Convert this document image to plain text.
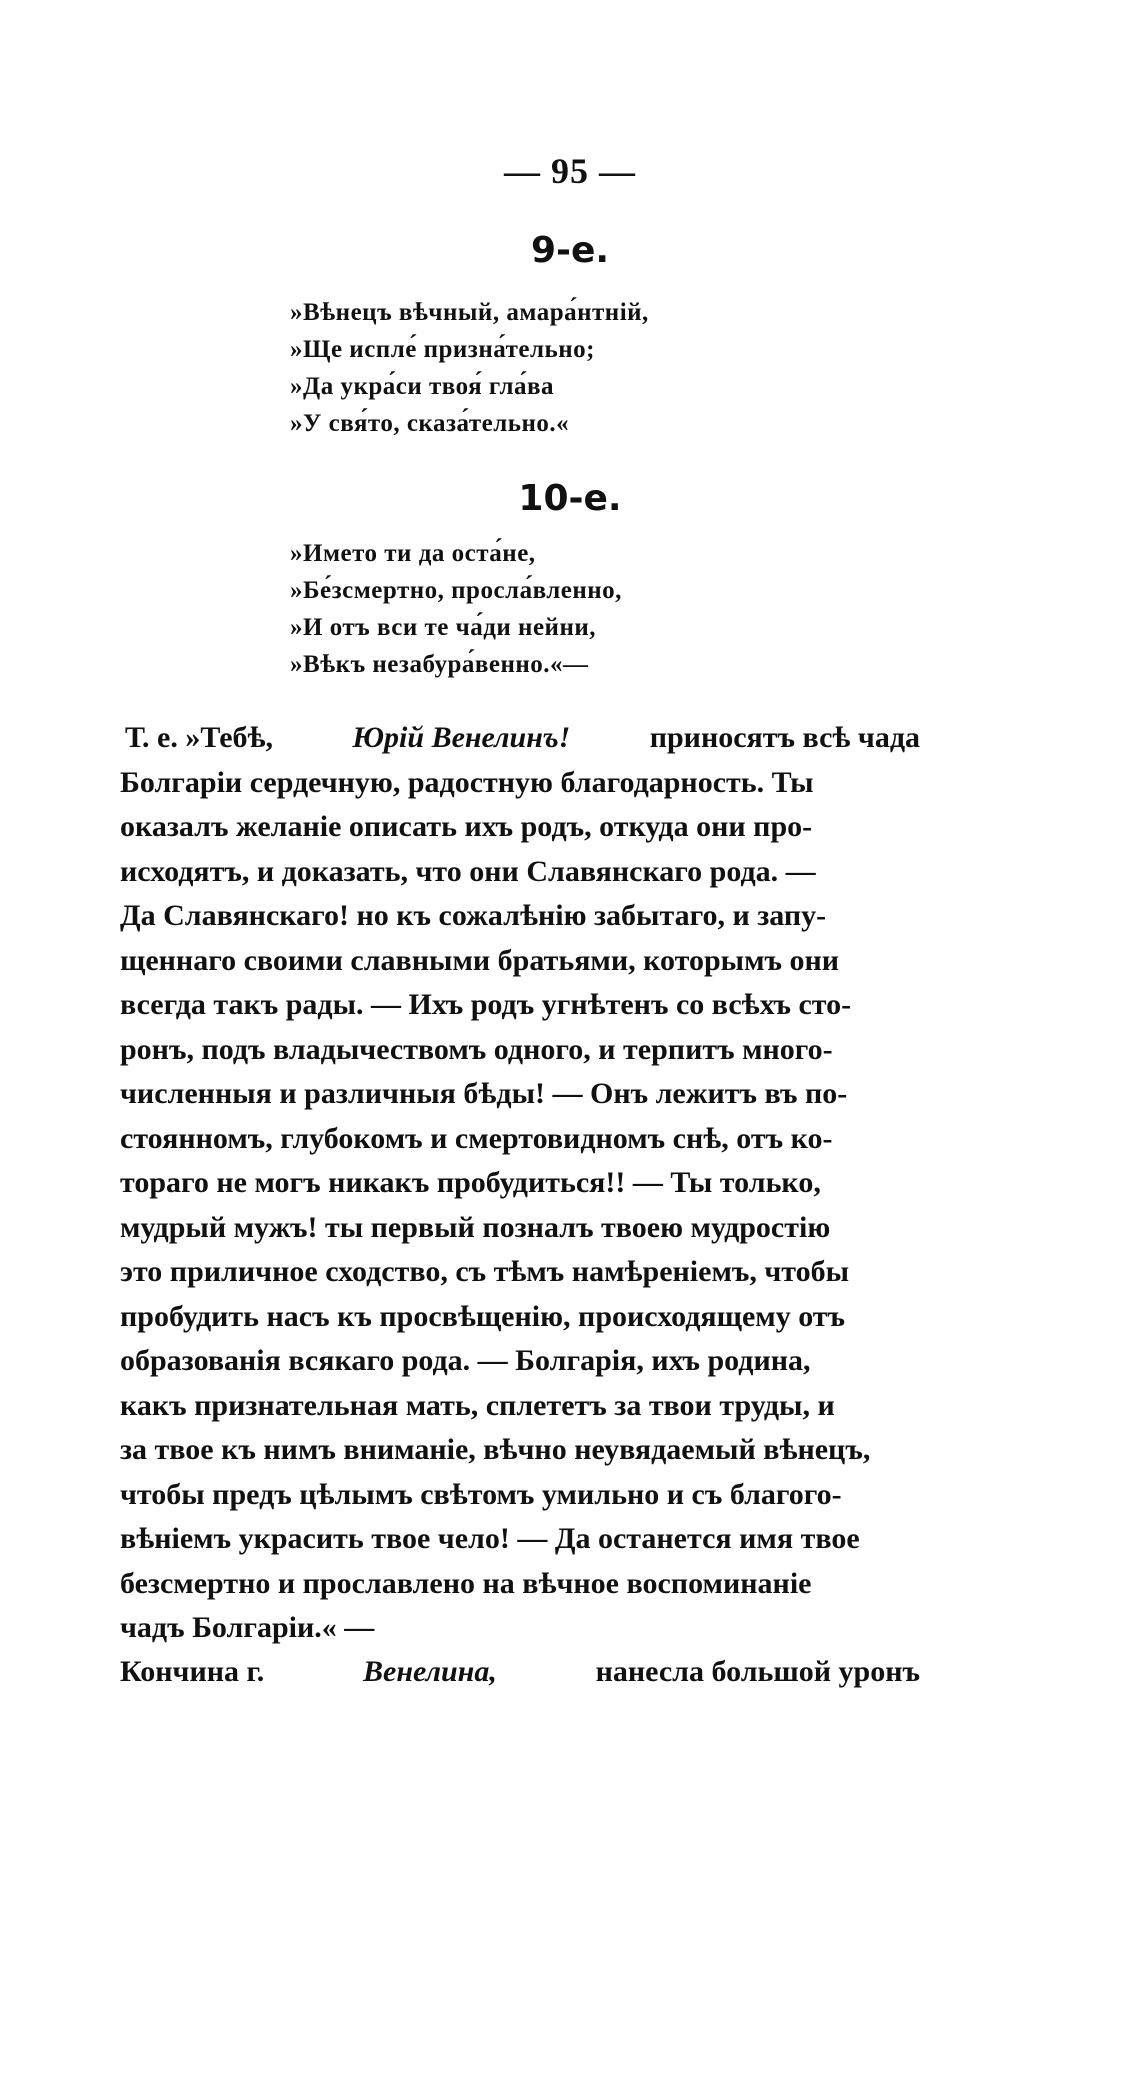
— 95 —
9-е.
»Вѣнецъ вѣчный, амара́нтнiй,
»Ще испле́ призна́тельно;
»Да укра́си твоя́ гла́ва
»У свя́то, сказа́тельно.«
10-е.
»Името ти да оста́не,
»Бе́зсмертно, просла́вленно,
»И отъ вси те ча́ди нейни,
»Вѣкъ незабура́венно.«—
Т. е. »Тебѣ,	Юрiй Венелинъ!	приносятъ всѣ чада
Болгарiи сердечную, радостную благодарность. Ты
оказалъ желанiе описать ихъ родъ, откуда они про-
исходятъ, и доказать, что они Славянскаго рода. —
Да Славянскаго! но къ сожалѣнiю забытаго, и запу-
щеннаго своими славными братьями, которымъ они
всегда такъ рады. — Ихъ родъ угнѣтенъ со всѣхъ сто-
ронъ, подъ владычествомъ одного, и терпитъ много-
численныя и различныя бѣды! — Онъ лежитъ въ по-
стоянномъ, глубокомъ и смертовидномъ снѣ, отъ ко-
тораго не могъ никакъ пробудиться!! — Ты только,
мудрый мужъ! ты первый позналъ твоею мудростiю
это приличное сходство, съ тѣмъ намѣренiемъ, чтобы
пробудить насъ къ просвѣщенiю, происходящему отъ
образованiя всякаго рода. — Болгарiя, ихъ родина,
какъ признательная мать, сплететъ за твои труды, и
за твое къ нимъ вниманiе, вѣчно неувядаемый вѣнецъ,
чтобы предъ цѣлымъ свѣтомъ умильно и съ благого-
вѣнiемъ украсить твое чело! — Да останется имя твое
безсмертно и прославлено на вѣчное воспоминанiе
чадъ Болгарiи.« —
Кончина г.	Венелина,	нанесла большой уронъ
